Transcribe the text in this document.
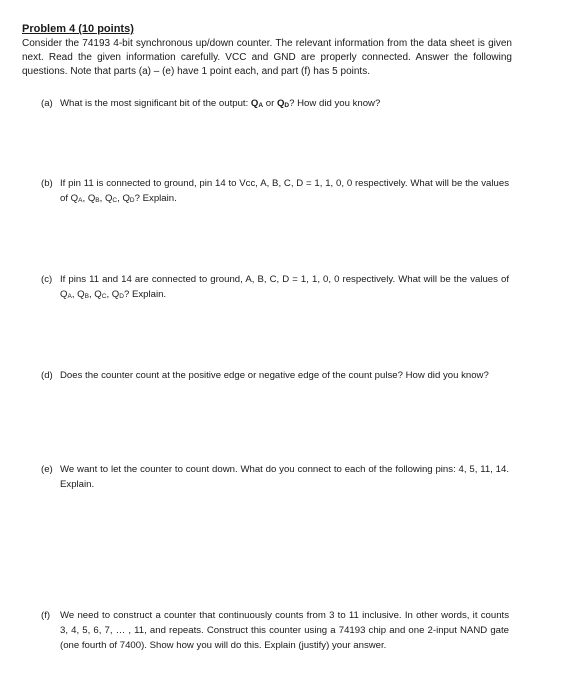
Problem 4 (10 points)
Consider the 74193 4-bit synchronous up/down counter. The relevant information from the data sheet is given next. Read the given information carefully. VCC and GND are properly connected. Answer the following questions. Note that parts (a) – (e) have 1 point each, and part (f) has 5 points.
(a) What is the most significant bit of the output: $Q_A$ or $Q_D$? How did you know?
(b) If pin 11 is connected to ground, pin 14 to Vcc, A, B, C, D = 1, 1, 0, 0 respectively. What will be the values of $Q_A$, $Q_B$, $Q_C$, $Q_D$? Explain.
(c) If pins 11 and 14 are connected to ground, A, B, C, D = 1, 1, 0, 0 respectively. What will be the values of $Q_A$, $Q_B$, $Q_C$, $Q_D$? Explain.
(d) Does the counter count at the positive edge or negative edge of the count pulse? How did you know?
(e) We want to let the counter to count down. What do you connect to each of the following pins: 4, 5, 11, 14. Explain.
(f)	We need to construct a counter that continuously counts from 3 to 11 inclusive. In other words, it counts 3, 4, 5, 6, 7, … , 11, and repeats. Construct this counter using a 74193 chip and one 2-input NAND gate (one fourth of 7400). Show how you will do this. Explain (justify) your answer.
